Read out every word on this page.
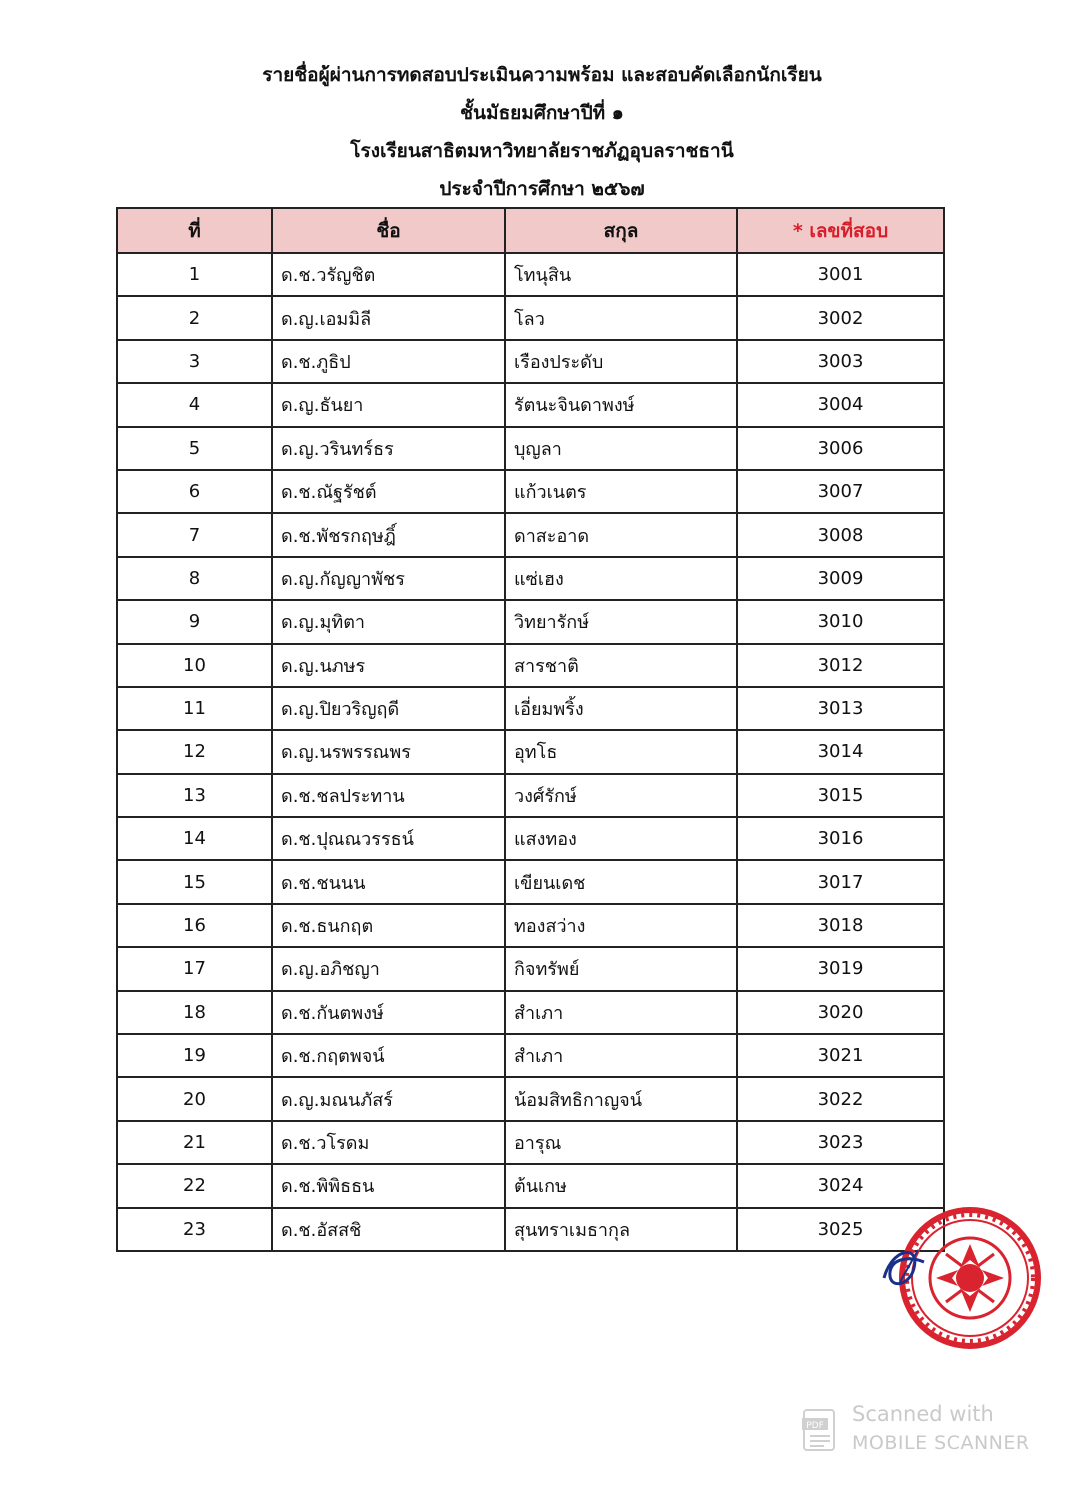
รายชื่อผู้ผ่านการทดสอบประเมินความพร้อม และสอบคัดเลือกนักเรียน
ชั้นมัธยมศึกษาปีที่ ๑
โรงเรียนสาธิตมหาวิทยาลัยราชภัฏอุบลราชธานี
ประจำปีการศึกษา ๒๕๖๗
ที่	ชื่อ	สกุล	* เลขที่สอบ
1	ด.ช.วรัญชิต	โทนุสิน	3001
2	ด.ญ.เอมมิลี	โลว	3002
3	ด.ช.ภูธิป	เรืองประดับ	3003
4	ด.ญ.ธันยา	รัตนะจินดาพงษ์	3004
5	ด.ญ.วรินทร์ธร	บุญลา	3006
6	ด.ช.ณัฐรัชต์	แก้วเนตร	3007
7	ด.ช.พัชรกฤษฎิ์	ดาสะอาด	3008
8	ด.ญ.กัญญาพัชร	แซ่เฮง	3009
9	ด.ญ.มุทิตา	วิทยารักษ์	3010
10	ด.ญ.นภษร	สารชาติ	3012
11	ด.ญ.ปิยวริญฤดี	เอี่ยมพริ้ง	3013
12	ด.ญ.นรพรรณพร	อุทโธ	3014
13	ด.ช.ชลประทาน	วงศ์รักษ์	3015
14	ด.ช.ปุณณวรรธน์	แสงทอง	3016
15	ด.ช.ชนนน	เขียนเดช	3017
16	ด.ช.ธนกฤต	ทองสว่าง	3018
17	ด.ญ.อภิชญา	กิจทรัพย์	3019
18	ด.ช.กันตพงษ์	สำเภา	3020
19	ด.ช.กฤตพจน์	สำเภา	3021
20	ด.ญ.มณนภัสร์	น้อมสิทธิกาญจน์	3022
21	ด.ช.วโรดม	อารุณ	3023
22	ด.ช.พิพิธธน	ต้นเกษ	3024
23	ด.ช.อัสสชิ	สุนทราเมธากุล	3025
PDF Scanned with
MOBILE SCANNER
